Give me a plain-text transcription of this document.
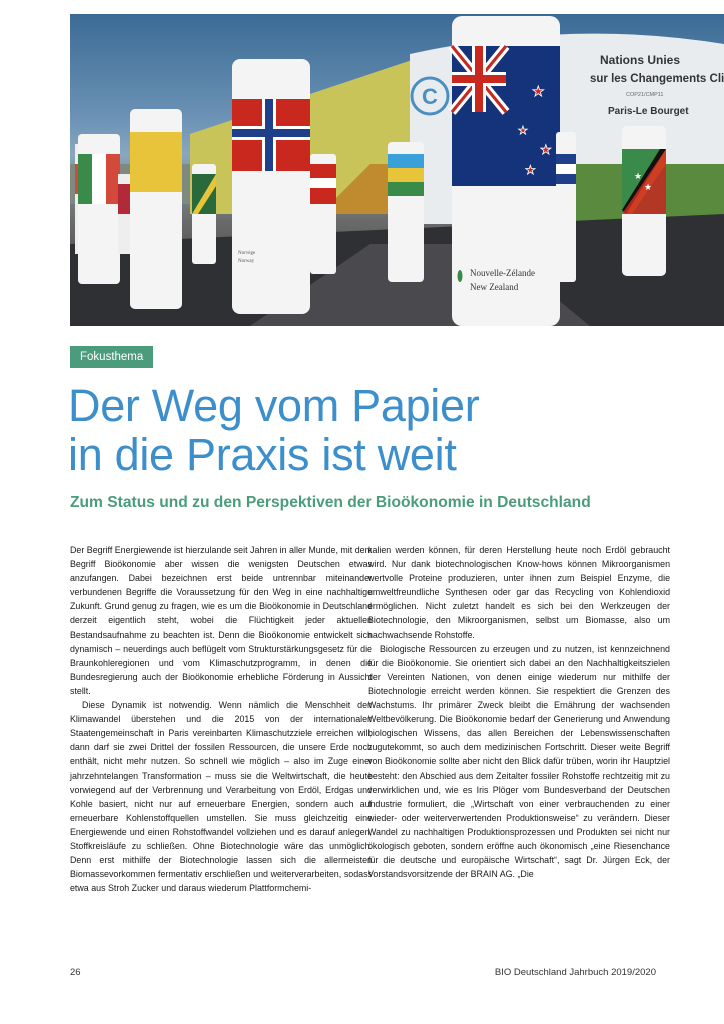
C
Nations Unies
sur les Changements Cli
COP21/CMP11
Paris-Le Bourget
Norvège
Norway
★
★
★
★
Nouvelle-Zélande
New Zealand
★
★
Fokusthema
Der Weg vom Papier
in die Praxis ist weit
Zum Status und zu den Perspektiven der Bioökonomie in Deutschland

Der Begriff Energiewende ist hierzulande seit Jahren in aller Munde, mit dem Begriff Bioökonomie aber wissen die wenigsten Deutschen etwas anzufangen. Dabei bezeichnen erst beide untrennbar miteinander verbundenen Begriffe die Voraussetzung für den Weg in eine nachhaltige Zukunft. Grund genug zu fragen, wie es um die Bioökonomie in Deutschland derzeit eigentlich steht, wobei die Flüchtigkeit jeder aktuellen Bestandsaufnahme zu beachten ist. Denn die Bioökonomie entwickelt sich dynamisch – neuerdings auch beflügelt vom Strukturstärkungsgesetz für die Braunkohleregionen und vom Klimaschutzprogramm, in denen die Bundesregierung auch der Bioökonomie erhebliche Förderung in Aussicht stellt.

Diese Dynamik ist notwendig. Wenn nämlich die Menschheit den Klimawandel überstehen und die 2015 von der internationalen Staatengemeinschaft in Paris vereinbarten Klimaschutzziele erreichen will, dann darf sie zwei Drittel der fossilen Ressourcen, die unsere Erde noch enthält, nicht mehr nutzen. So schnell wie möglich – also im Zuge einer jahrzehntelangen Transformation – muss sie die Weltwirtschaft, die heute vorwiegend auf der Verbrennung und Verarbeitung von Erdöl, Erdgas und Kohle basiert, nicht nur auf erneuerbare Energien, sondern auch auf erneuerbare Kohlenstoffquellen umstellen. Sie muss gleichzeitig eine Energiewende und einen Rohstoffwandel vollziehen und es darauf anlegen, Stoffkreisläufe zu schließen. Ohne Biotechnologie wäre das unmöglich. Denn erst mithilfe der Biotechnologie lassen sich die allermeisten Biomassevorkommen fermentativ erschließen und weiterverarbeiten, sodass etwa aus Stroh Zucker und daraus wiederum Plattformchemi-

kalien werden können, für deren Herstellung heute noch Erdöl gebraucht wird. Nur dank biotechnologischen Know-hows können Mikroorganismen wertvolle Proteine produzieren, unter ihnen zum Beispiel Enzyme, die umweltfreundliche Synthesen oder gar das Recycling von Kohlendioxid ermöglichen. Nicht zuletzt handelt es sich bei den Werkzeugen der Biotechnologie, den Mikroorganismen, selbst um Biomasse, also um nachwachsende Rohstoffe.

Biologische Ressourcen zu erzeugen und zu nutzen, ist kennzeichnend für die Bioökonomie. Sie orientiert sich dabei an den Nachhaltigkeitszielen der Vereinten Nationen, von denen einige wiederum nur mithilfe der Biotechnologie erreicht werden können. Sie respektiert die Grenzen des Wachstums. Ihr primärer Zweck bleibt die Ernährung der wachsenden Weltbevölkerung. Die Bioökonomie bedarf der Generierung und Anwendung biologischen Wissens, das allen Bereichen der Lebenswissenschaften zugutekommt, so auch dem medizinischen Fortschritt. Dieser weite Begriff von Bioökonomie sollte aber nicht den Blick dafür trüben, worin ihr Hauptziel besteht: den Abschied aus dem Zeitalter fossiler Rohstoffe rechtzeitig mit zu verwirklichen und, wie es Iris Plöger vom Bundesverband der Deutschen Industrie formuliert, die „Wirtschaft von einer verbrauchenden zu einer wieder- oder weiterverwertenden Produktionsweise“ zu verändern. Dieser Wandel zu nachhaltigen Produktionsprozessen und Produkten sei nicht nur ökologisch geboten, sondern eröffne auch ökonomisch „eine Riesenchance für die deutsche und europäische Wirtschaft“, sagt Dr. Jürgen Eck, der Vorstandsvorsitzende der BRAIN AG. „Die

26	BIO Deutschland Jahrbuch 2019/2020
